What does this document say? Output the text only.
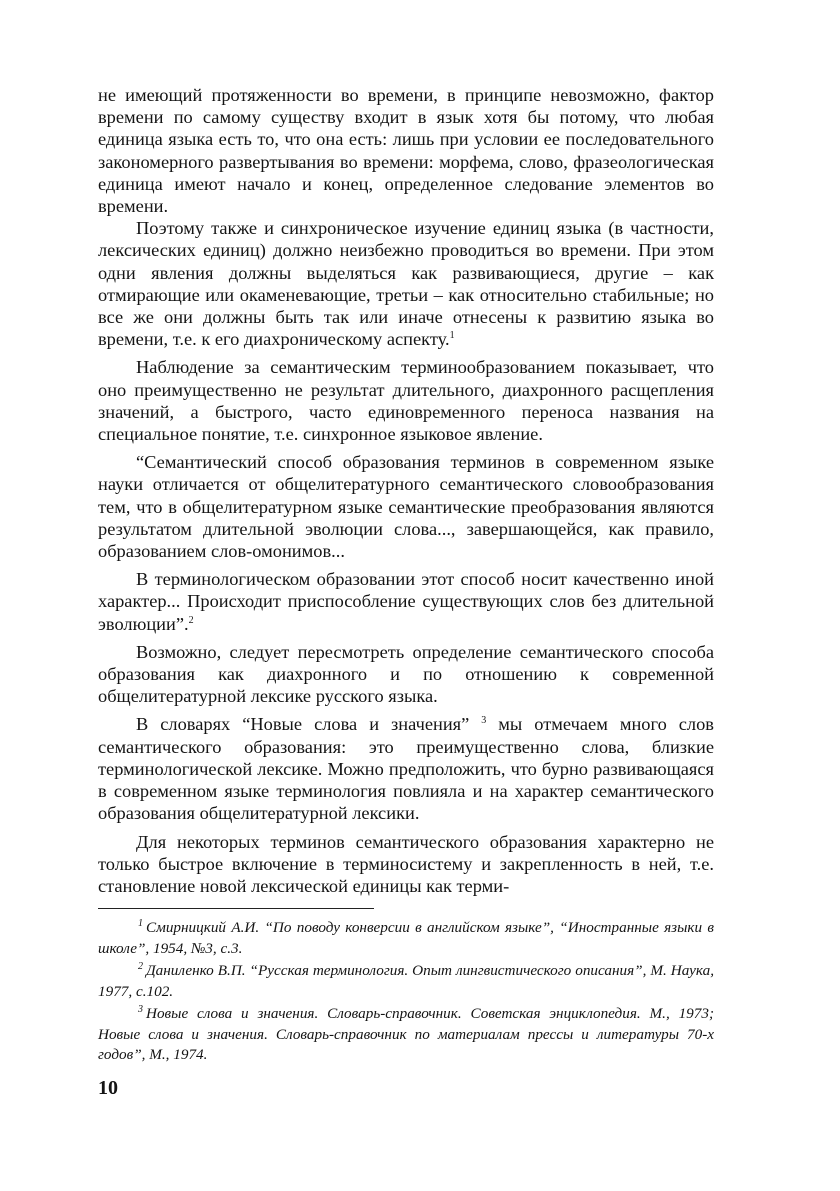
не имеющий протяженности во времени, в принципе невозможно, фактор времени по самому существу входит в язык хотя бы потому, что любая единица языка есть то, что она есть: лишь при условии ее последовательного закономерного развертывания во времени: морфема, слово, фразеологическая единица имеют начало и конец, определенное следование элементов во времени.

Поэтому также и синхроническое изучение единиц языка (в частности, лексических единиц) должно неизбежно проводиться во времени. При этом одни явления должны выделяться как развивающиеся, другие – как отмирающие или окаменевающие, третьи – как относительно стабильные; но все же они должны быть так или иначе отнесены к развитию языка во времени, т.е. к его диахроническому аспекту.$^1$

Наблюдение за семантическим терминообразованием показывает, что оно преимущественно не результат длительного, диахронного расщепления значений, а быстрого, часто единовременного переноса названия на специальное понятие, т.е. синхронное языковое явление.

“Семантический способ образования терминов в современном языке науки отличается от общелитературного семантического словообразования тем, что в общелитературном языке семантические преобразования являются результатом длительной эволюции слова..., завершающейся, как правило, образованием слов-омонимов...

В терминологическом образовании этот способ носит качественно иной характер... Происходит приспособление существующих слов без длительной эволюции”.$^2$

Возможно, следует пересмотреть определение семантического способа образования как диахронного и по отношению к современной общелитературной лексике русского языка.

В словарях “Новые слова и значения” $^3$ мы отмечаем много слов семантического образования: это преимущественно слова, близкие терминологической лексике. Можно предположить, что бурно развивающаяся в современном языке терминология повлияла и на характер семантического образования общелитературной лексики.

Для некоторых терминов семантического образования характерно не только быстрое включение в терминосистему и закрепленность в ней, т.е. становление новой лексической единицы как терми-

$^1$ Смирницкий А.И. “По поводу конверсии в английском языке”, “Иностранные языки в школе”, 1954, №3, с.3.

$^2$ Даниленко В.П. “Русская терминология. Опыт лингвистического описания”, М. Наука, 1977, с.102.

$^3$ Новые слова и значения. Словарь-справочник. Советская энциклопедия. М., 1973; Новые слова и значения. Словарь-справочник по материалам прессы и литературы 70-х годов”, М., 1974.

10
